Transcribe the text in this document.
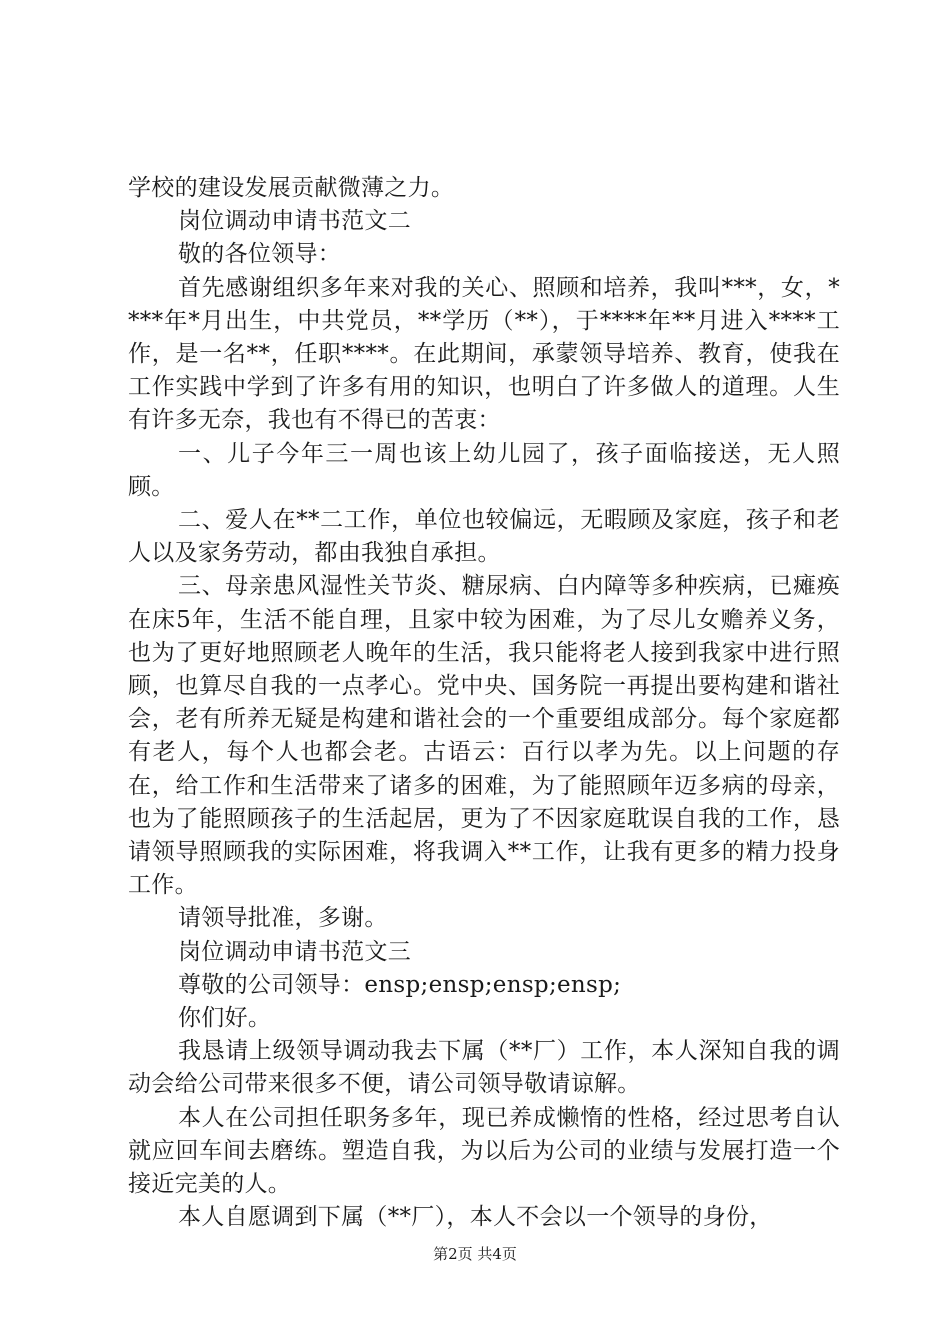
学校的建设发展贡献微薄之力。

岗位调动申请书范文二

敬的各位领导：

首先感谢组织多年来对我的关心、照顾和培养，我叫***，女，****年*月出生，中共党员，**学历（**），于****年**月进入****工作，是一名**，任职****。在此期间，承蒙领导培养、教育，使我在工作实践中学到了许多有用的知识，也明白了许多做人的道理。人生有许多无奈，我也有不得已的苦衷：

一、儿子今年三一周也该上幼儿园了，孩子面临接送，无人照顾。

二、爱人在**二工作，单位也较偏远，无暇顾及家庭，孩子和老人以及家务劳动，都由我独自承担。

三、母亲患风湿性关节炎、糖尿病、白内障等多种疾病，已瘫痪在床5年，生活不能自理，且家中较为困难，为了尽儿女赡养义务，也为了更好地照顾老人晚年的生活，我只能将老人接到我家中进行照顾，也算尽自我的一点孝心。党中央、国务院一再提出要构建和谐社会，老有所养无疑是构建和谐社会的一个重要组成部分。每个家庭都有老人，每个人也都会老。古语云：百行以孝为先。以上问题的存在，给工作和生活带来了诸多的困难，为了能照顾年迈多病的母亲，也为了能照顾孩子的生活起居，更为了不因家庭耽误自我的工作，恳请领导照顾我的实际困难，将我调入**工作，让我有更多的精力投身工作。

请领导批准，多谢。

岗位调动申请书范文三

尊敬的公司领导：ensp;ensp;ensp;ensp;

你们好。

我恳请上级领导调动我去下属（**厂）工作，本人深知自我的调动会给公司带来很多不便，请公司领导敬请谅解。

本人在公司担任职务多年，现已养成懒惰的性格，经过思考自认就应回车间去磨练。塑造自我，为以后为公司的业绩与发展打造一个接近完美的人。

本人自愿调到下属（**厂），本人不会以一个领导的身份，

第2页 共4页
